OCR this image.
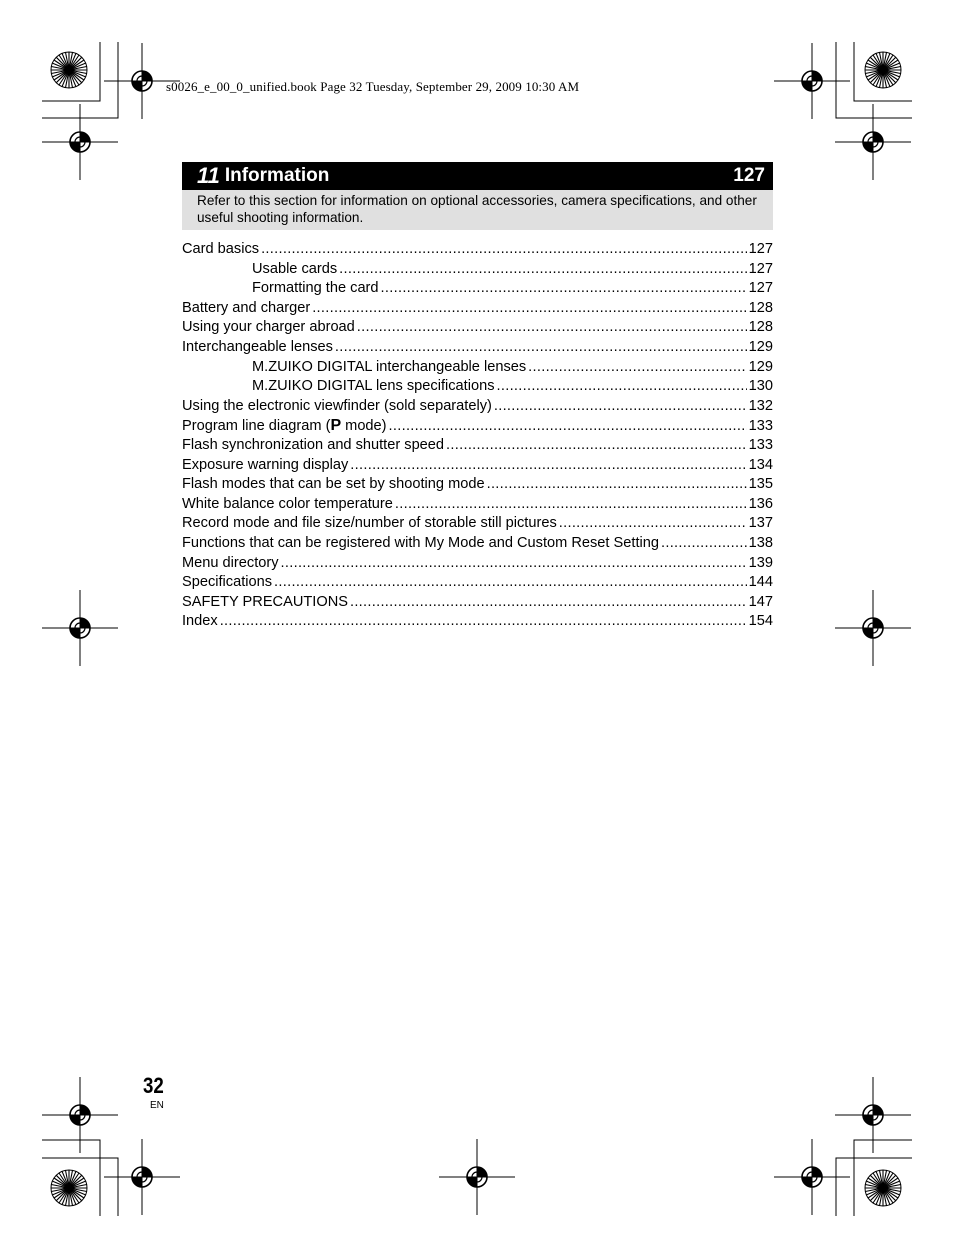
s0026_e_00_0_unified.book Page 32 Tuesday, September 29, 2009 10:30 AM
11 Information	127
Refer to this section for information on optional accessories, camera specifications, and other useful shooting information.
Card basics .....	127
Usable cards .....	127
Formatting the card .....	127
Battery and charger .....	128
Using your charger abroad .....	128
Interchangeable lenses .....	129
M.ZUIKO DIGITAL interchangeable lenses .....	129
M.ZUIKO DIGITAL lens specifications .....	130
Using the electronic viewfinder (sold separately) .....	132
Program line diagram (P mode) .....	133
Flash synchronization and shutter speed .....	133
Exposure warning display .....	134
Flash modes that can be set by shooting mode .....	135
White balance color temperature .....	136
Record mode and file size/number of storable still pictures .....	137
Functions that can be registered with My Mode and Custom Reset Setting .....	138
Menu directory .....	139
Specifications .....	144
SAFETY PRECAUTIONS .....	147
Index .....	154
32
EN
